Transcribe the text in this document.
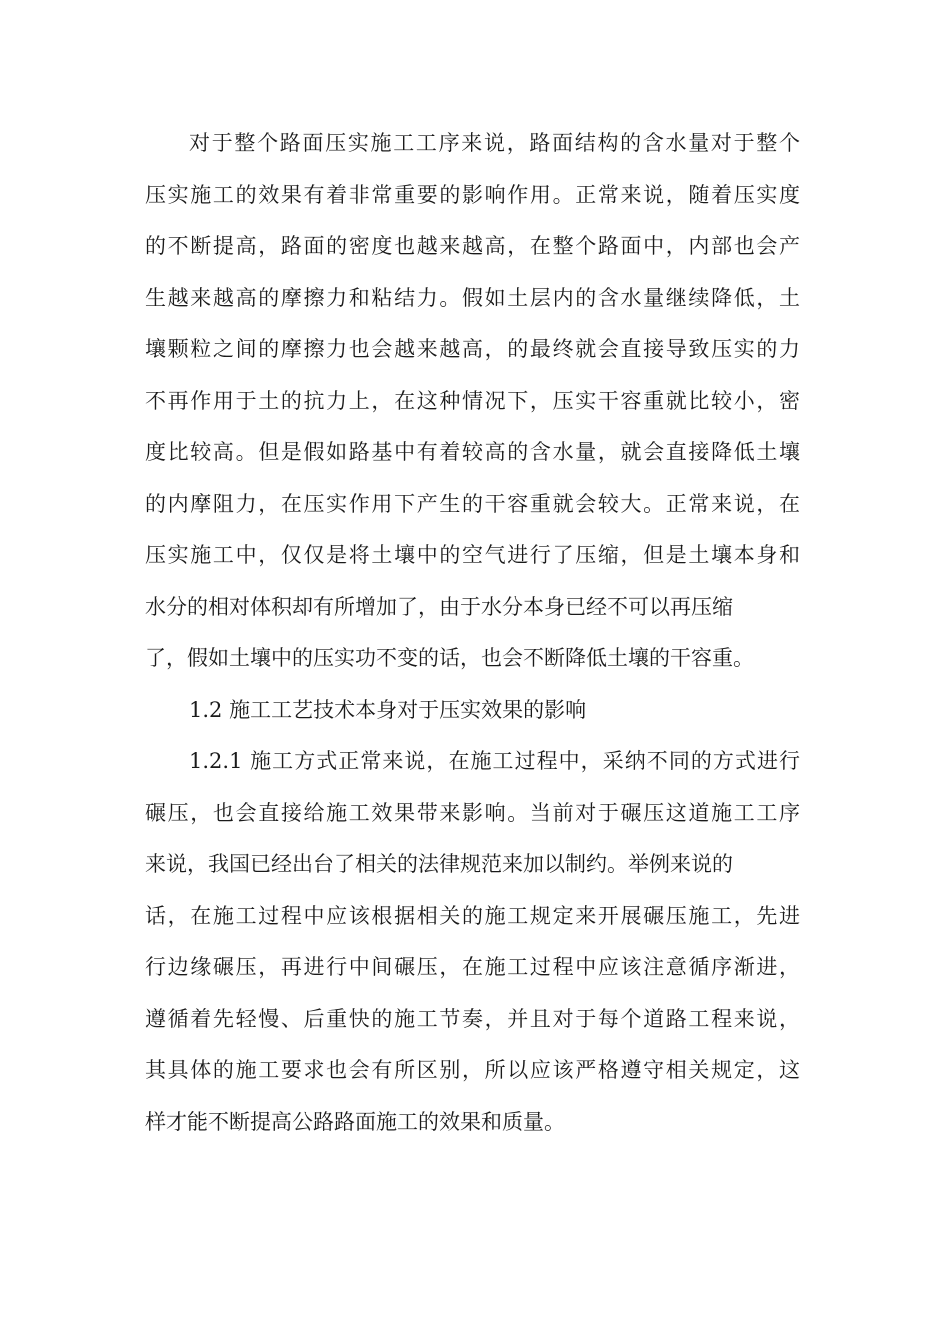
对于整个路面压实施工工序来说，路面结构的含水量对于整个
压实施工的效果有着非常重要的影响作用。正常来说，随着压实度
的不断提高，路面的密度也越来越高，在整个路面中，内部也会产
生越来越高的摩擦力和粘结力。假如土层内的含水量继续降低，土
壤颗粒之间的摩擦力也会越来越高，的最终就会直接导致压实的力
不再作用于土的抗力上，在这种情况下，压实干容重就比较小，密
度比较高。但是假如路基中有着较高的含水量，就会直接降低土壤
的内摩阻力，在压实作用下产生的干容重就会较大。正常来说，在
压实施工中，仅仅是将土壤中的空气进行了压缩，但是土壤本身和
水分的相对体积却有所增加了，由于水分本身已经不可以再压缩
了，假如土壤中的压实功不变的话，也会不断降低土壤的干容重。
1.2 施工工艺技术本身对于压实效果的影响
1.2.1 施工方式正常来说，在施工过程中，采纳不同的方式进行
碾压，也会直接给施工效果带来影响。当前对于碾压这道施工工序
来说，我国已经出台了相关的法律规范来加以制约。举例来说的
话，在施工过程中应该根据相关的施工规定来开展碾压施工，先进
行边缘碾压，再进行中间碾压，在施工过程中应该注意循序渐进，
遵循着先轻慢、后重快的施工节奏，并且对于每个道路工程来说，
其具体的施工要求也会有所区别，所以应该严格遵守相关规定，这
样才能不断提高公路路面施工的效果和质量。
